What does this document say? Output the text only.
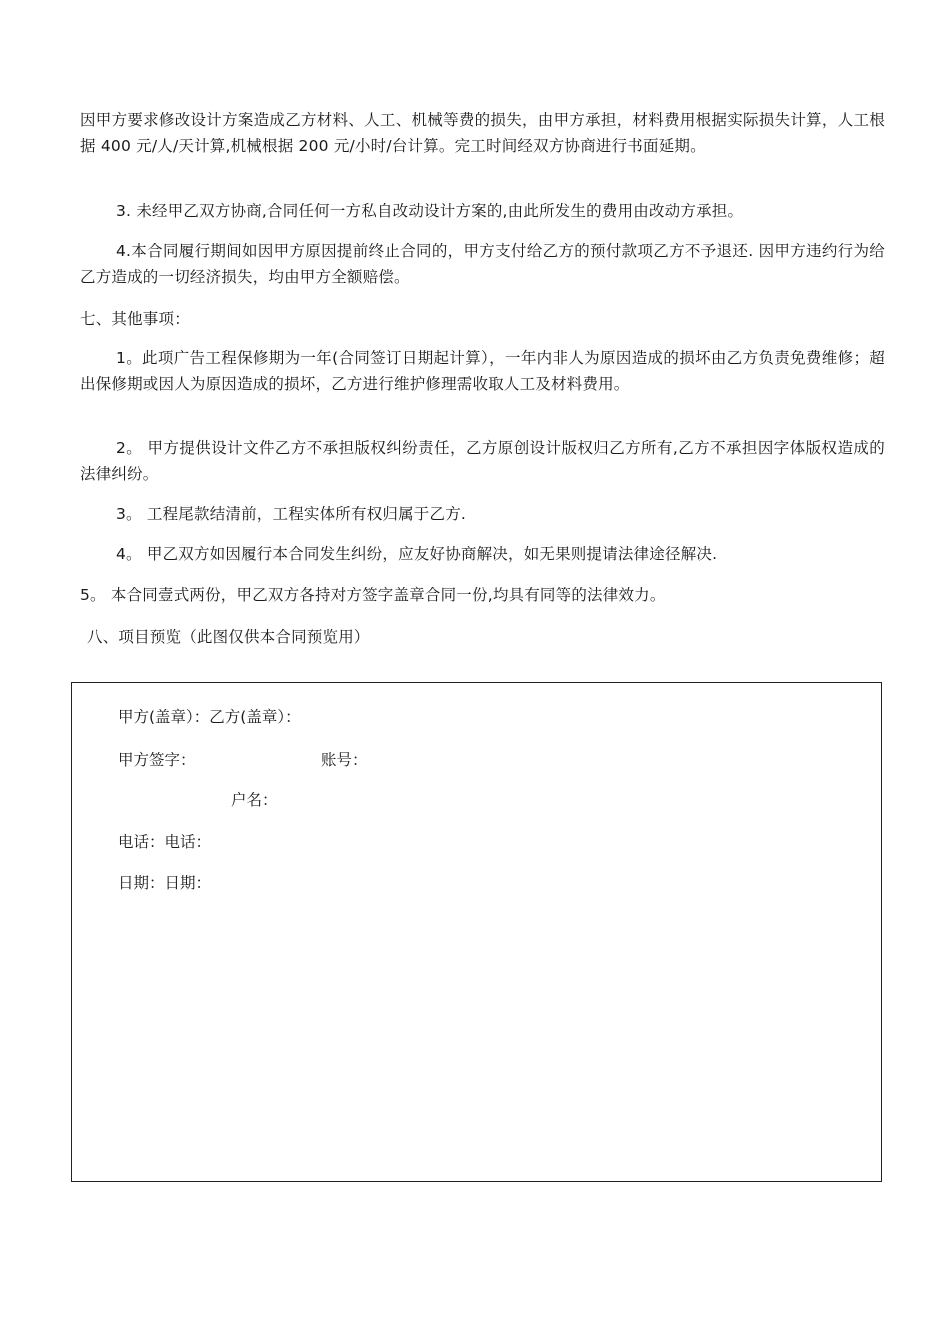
因甲方要求修改设计方案造成乙方材料、人工、机械等费的损失，由甲方承担，材料费用根据实际损失计算，人工根据 400 元/人/天计算,机械根据 200 元/小时/台计算。完工时间经双方协商进行书面延期。

3. 未经甲乙双方协商,合同任何一方私自改动设计方案的,由此所发生的费用由改动方承担。

4.本合同履行期间如因甲方原因提前终止合同的，甲方支付给乙方的预付款项乙方不予退还. 因甲方违约行为给乙方造成的一切经济损失，均由甲方全额赔偿。

七、其他事项：

1。此项广告工程保修期为一年(合同签订日期起计算），一年内非人为原因造成的损坏由乙方负责免费维修；超出保修期或因人为原因造成的损坏，乙方进行维护修理需收取人工及材料费用。

2。 甲方提供设计文件乙方不承担版权纠纷责任，乙方原创设计版权归乙方所有,乙方不承担因字体版权造成的法律纠纷。

3。 工程尾款结清前，工程实体所有权归属于乙方.

4。 甲乙双方如因履行本合同发生纠纷，应友好协商解决，如无果则提请法律途径解决.

5。 本合同壹式两份，甲乙双方各持对方签字盖章合同一份,均具有同等的法律效力。

八、项目预览（此图仅供本合同预览用）

甲方(盖章）：乙方(盖章）：
甲方签字：	账号：
户名：
电话：电话：
日期：日期：
